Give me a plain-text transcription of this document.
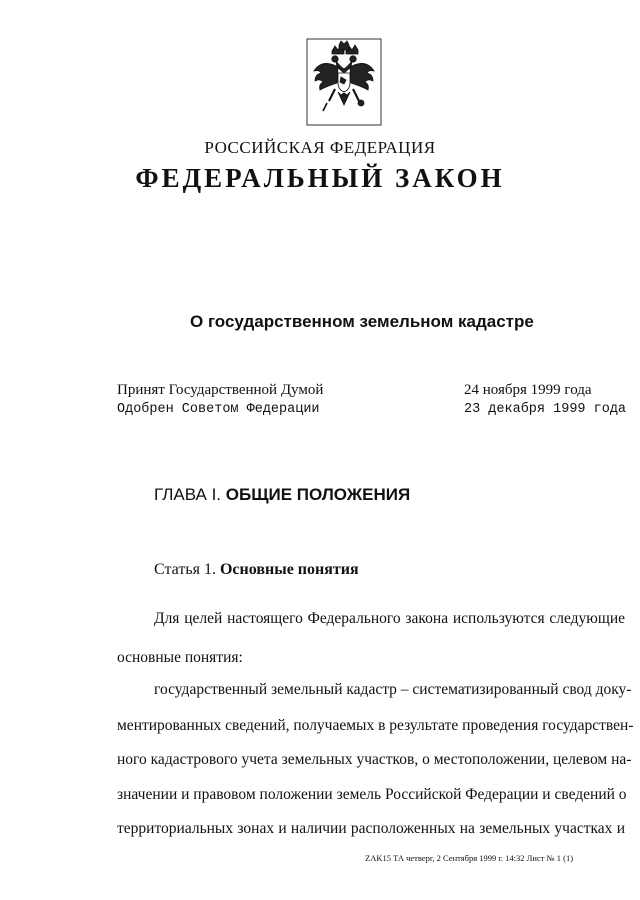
РОССИЙСКАЯ ФЕДЕРАЦИЯ
ФЕДЕРАЛЬНЫЙ ЗАКОН
О государственном земельном кадастре
Принят Государственной Думой	24 ноября 1999 года
Одобрен Советом Федерации	23 декабря 1999 года
ГЛАВА I. ОБЩИЕ ПОЛОЖЕНИЯ
Статья 1. Основные понятия
Для целей настоящего Федерального закона используются следующие
основные понятия:
государственный земельный кадастр – систематизированный свод доку-
ментированных сведений, получаемых в результате проведения государствен-
ного кадастрового учета земельных участков, о местоположении, целевом на-
значении и правовом положении земель Российской Федерации и сведений о
территориальных зонах и наличии расположенных на земельных участках и
ZAK15 ТА четверг, 2 Сентября 1999 г. 14:32 Лист № 1 (1)
